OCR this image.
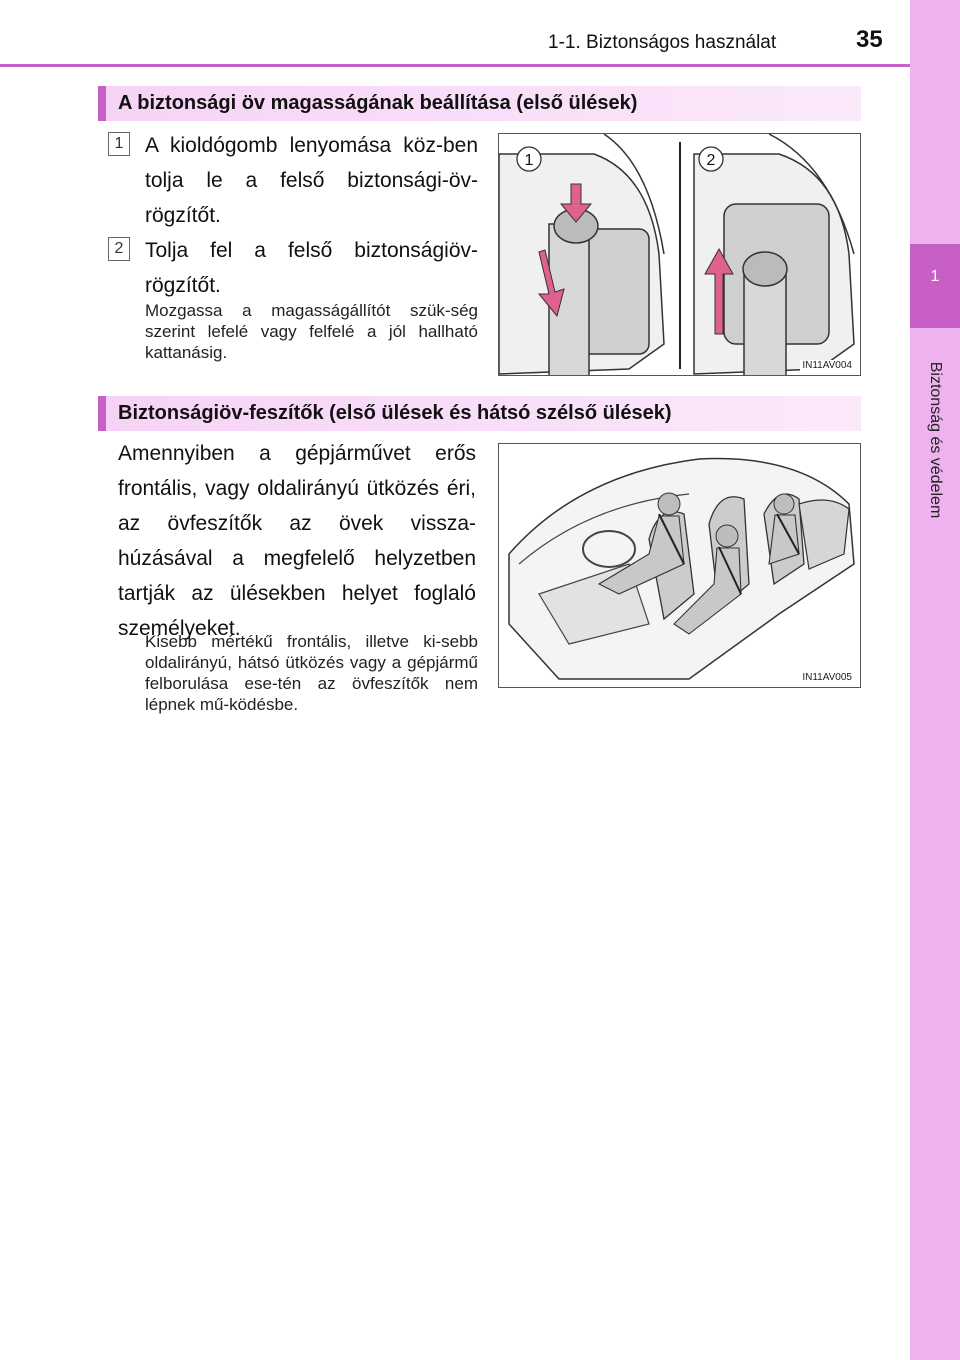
1-1. Biztonságos használat	35
1
Biztonság és védelem
A biztonsági öv magasságának beállítása (első ülések)
1	A kioldógomb lenyomása köz-ben tolja le a felső biztonsági-öv-rögzítőt.
2	Tolja fel a felső biztonságiöv-rögzítőt.
Mozgassa a magasságállítót szük-ség szerint lefelé vagy felfelé a jól hallható kattanásig.
1	2
IN11AV004
Biztonságiöv-feszítők (első ülések és hátsó szélső ülések)
Amennyiben a gépjárművet erős frontális, vagy oldalirányú ütközés éri, az övfeszítők az övek vissza-húzásával a megfelelő helyzetben tartják az ülésekben helyet foglaló személyeket.
Kisebb mértékű frontális, illetve ki-sebb oldalirányú, hátsó ütközés vagy a gépjármű felborulása ese-tén az övfeszítők nem lépnek mű-ködésbe.
IN11AV005
